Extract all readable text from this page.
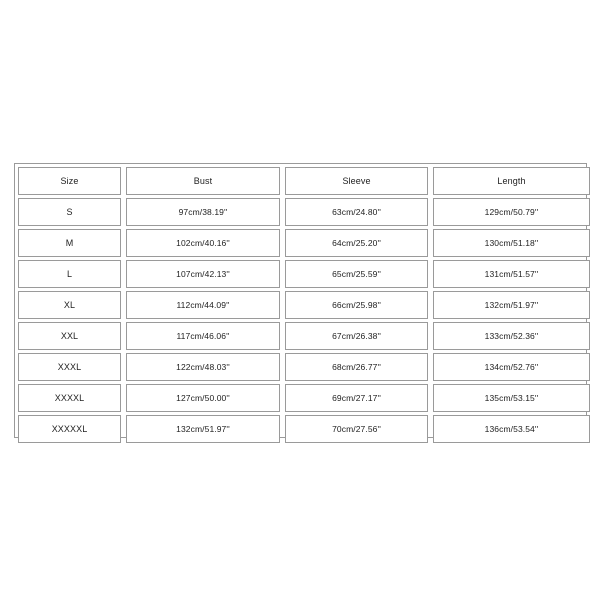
Size	Bust	Sleeve	Length
S	97cm/38.19''	63cm/24.80''	129cm/50.79''
M	102cm/40.16''	64cm/25.20''	130cm/51.18''
L	107cm/42.13''	65cm/25.59''	131cm/51.57''
XL	112cm/44.09''	66cm/25.98''	132cm/51.97''
XXL	117cm/46.06''	67cm/26.38''	133cm/52.36''
XXXL	122cm/48.03''	68cm/26.77''	134cm/52.76''
XXXXL	127cm/50.00''	69cm/27.17''	135cm/53.15''
XXXXXL	132cm/51.97''	70cm/27.56''	136cm/53.54''
